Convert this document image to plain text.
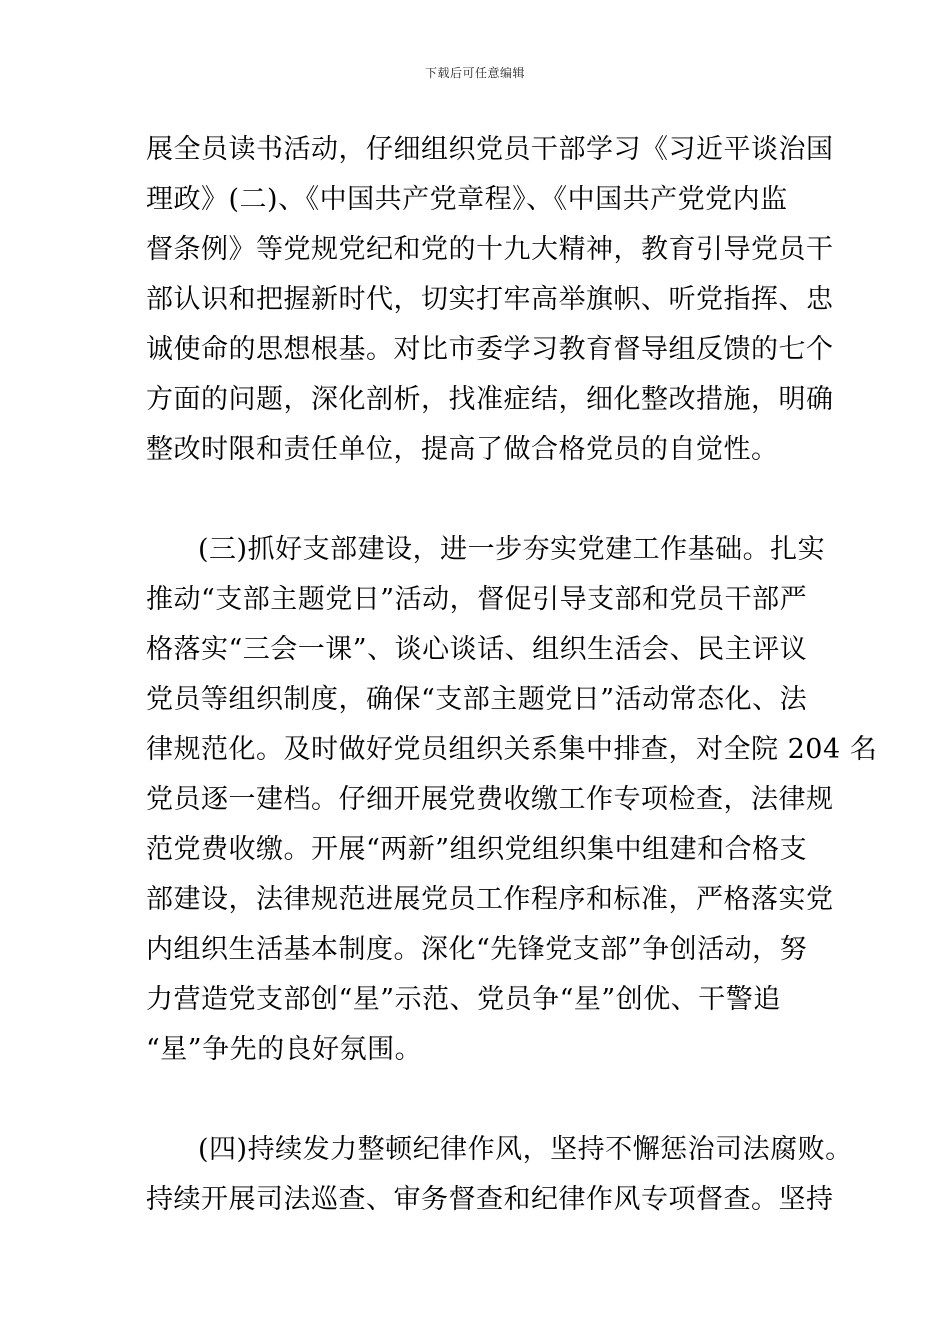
下载后可任意编辑
展全员读书活动，仔细组织党员干部学习《习近平谈治国
理政》(二)、《中国共产党章程》、《中国共产党党内监
督条例》等党规党纪和党的十九大精神，教育引导党员干
部认识和把握新时代，切实打牢高举旗帜、听党指挥、忠
诚使命的思想根基。对比市委学习教育督导组反馈的七个
方面的问题，深化剖析，找准症结，细化整改措施，明确
整改时限和责任单位，提高了做合格党员的自觉性。
(三)抓好支部建设，进一步夯实党建工作基础。扎实
推动“支部主题党日”活动，督促引导支部和党员干部严
格落实“三会一课”、谈心谈话、组织生活会、民主评议
党员等组织制度，确保“支部主题党日”活动常态化、法
律规范化。及时做好党员组织关系集中排查，对全院 204 名
党员逐一建档。仔细开展党费收缴工作专项检查，法律规
范党费收缴。开展“两新”组织党组织集中组建和合格支
部建设，法律规范进展党员工作程序和标准，严格落实党
内组织生活基本制度。深化“先锋党支部”争创活动，努
力营造党支部创“星”示范、党员争“星”创优、干警追
“星”争先的良好氛围。
(四)持续发力整顿纪律作风，坚持不懈惩治司法腐败。
持续开展司法巡查、审务督查和纪律作风专项督查。坚持
